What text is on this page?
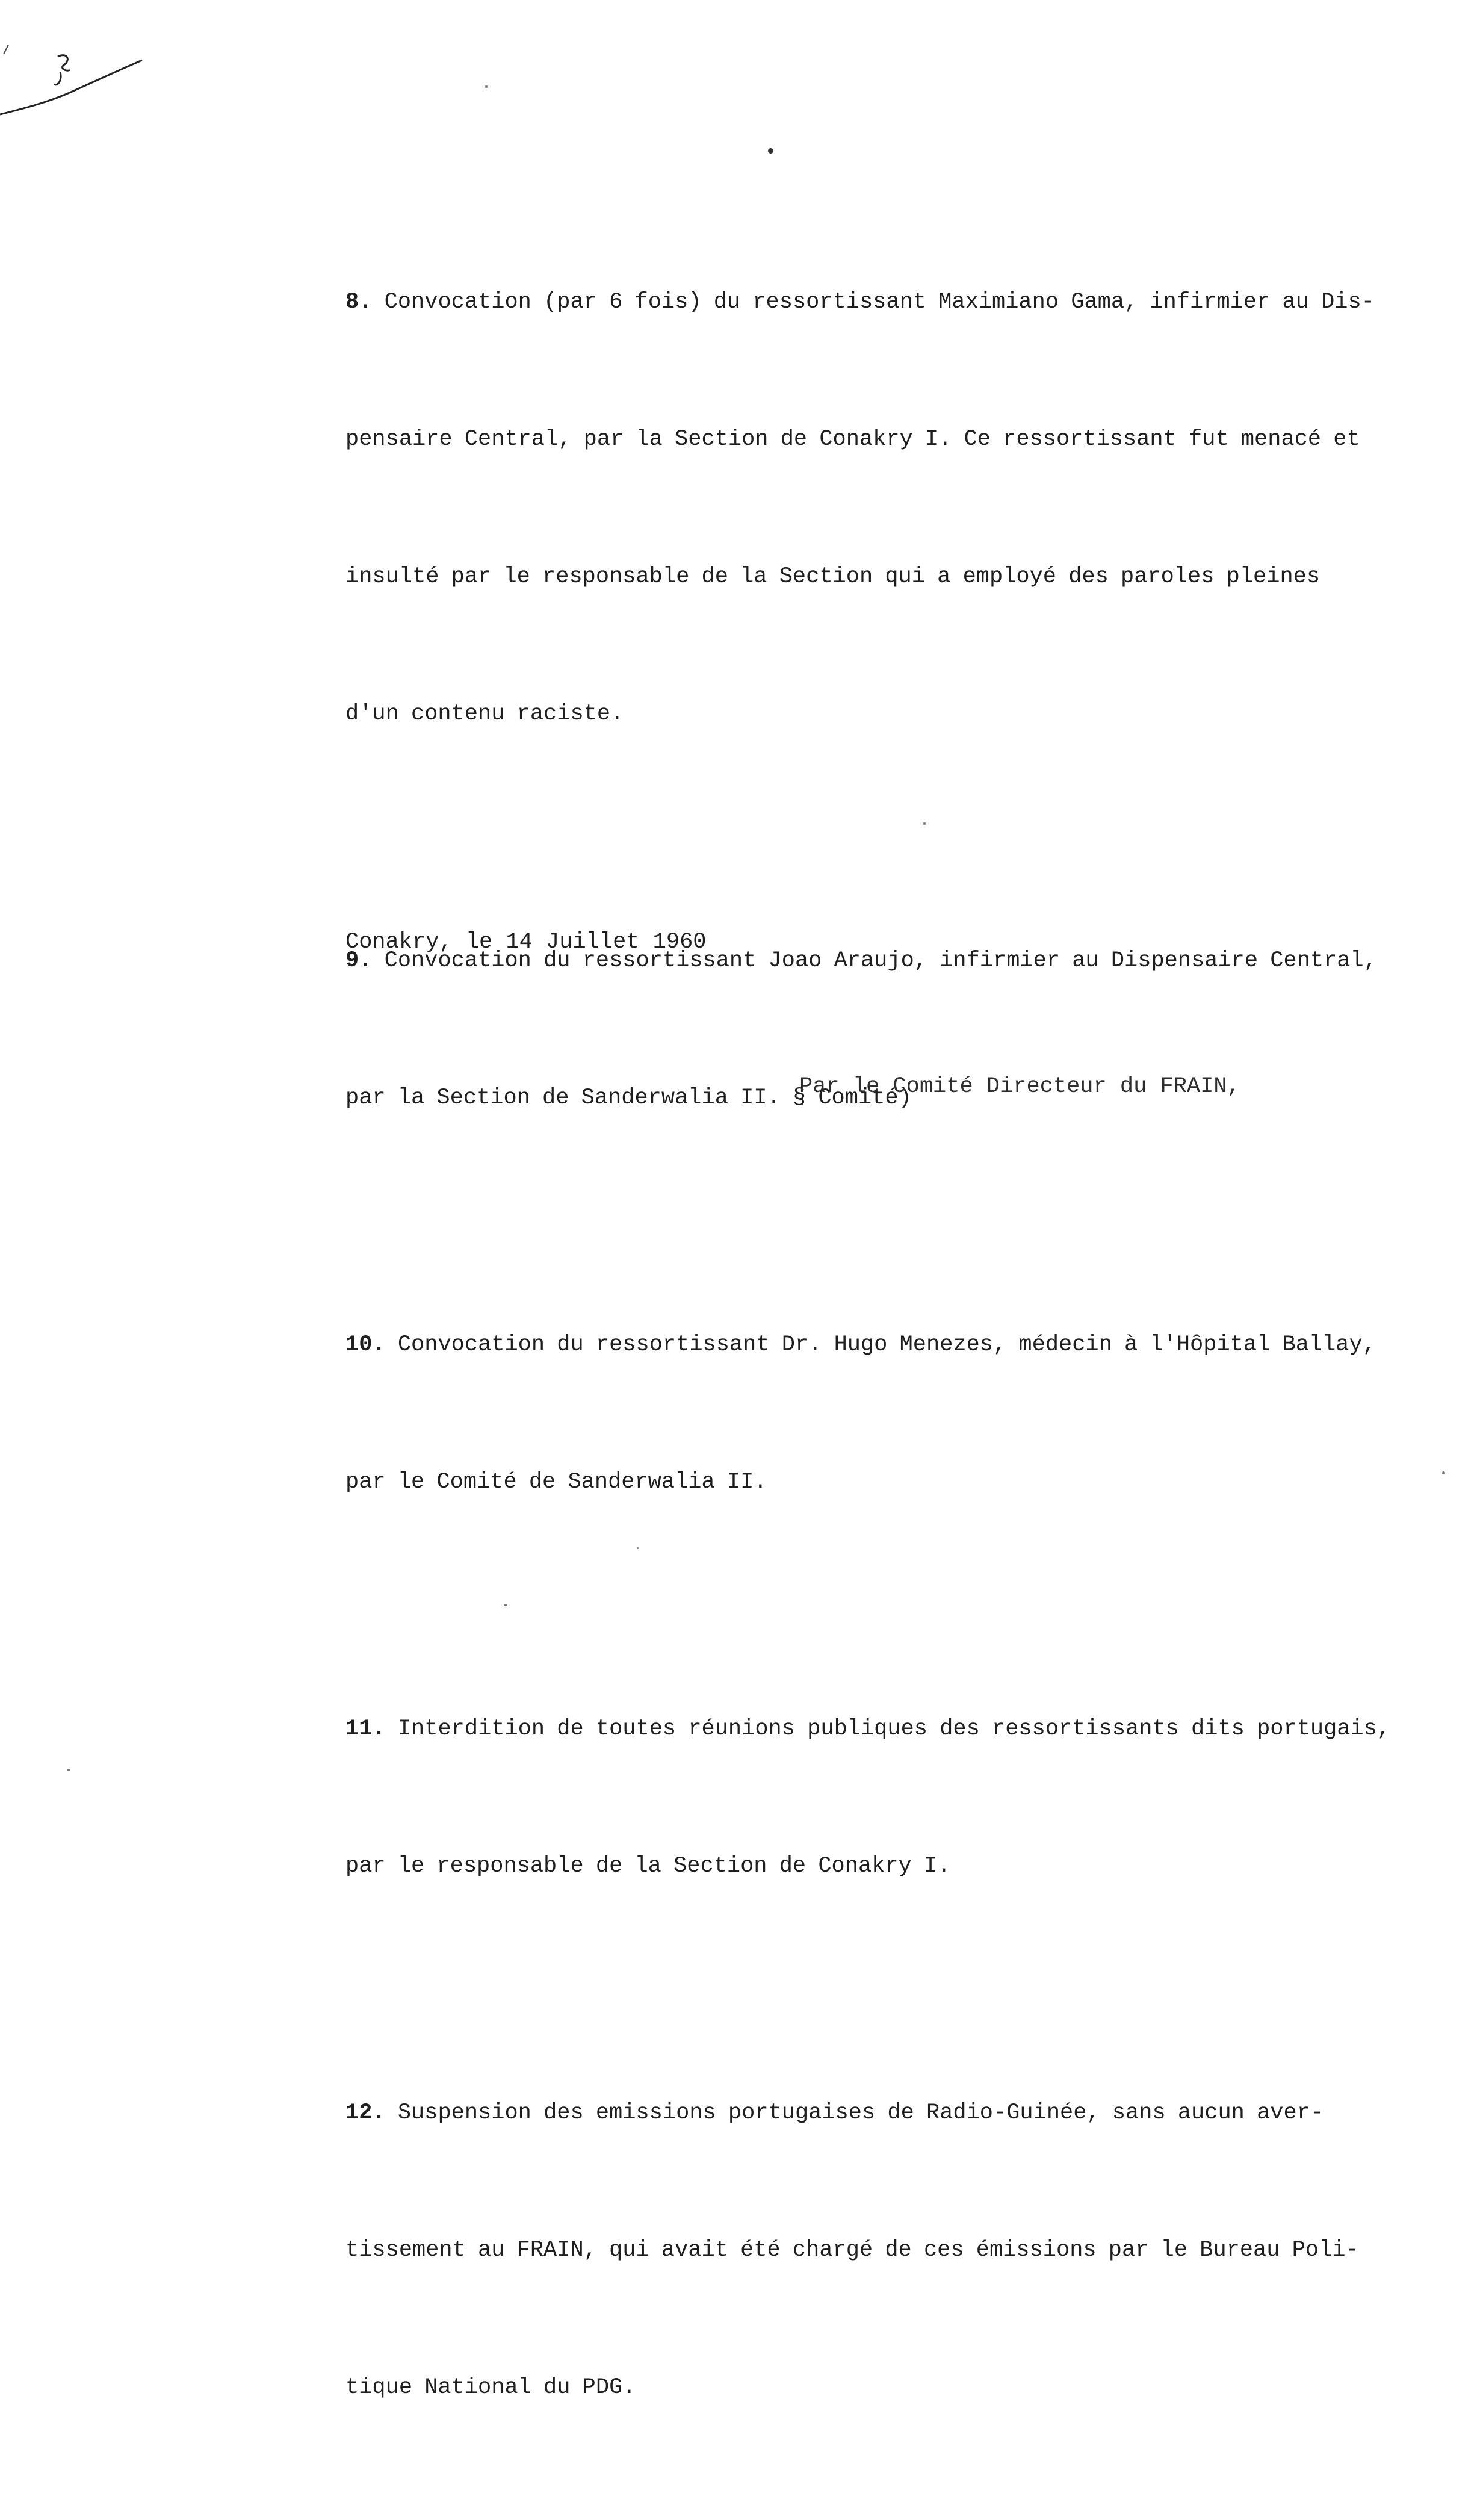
8. Convocation (par 6 fois) du ressortissant Maximiano Gama, infirmier au Dis-

pensaire Central, par la Section de Conakry I. Ce ressortissant fut menacé et

insulté par le responsable de la Section qui a employé des paroles pleines

d'un contenu raciste.

9. Convocation du ressortissant Joao Araujo, infirmier au Dispensaire Central,

par la Section de Sanderwalia II. § Comité)

10. Convocation du ressortissant Dr. Hugo Menezes, médecin à l'Hôpital Ballay,

par le Comité de Sanderwalia II.

11. Interdition de toutes réunions publiques des ressortissants dits portugais,

par le responsable de la Section de Conakry I.

12. Suspension des emissions portugaises de Radio-Guinée, sans aucun aver-

tissement au FRAIN, qui avait été chargé de ces émissions par le Bureau Poli-

tique National du PDG.

Conakry, le 14 Juillet 1960
Par le Comité Directeur du FRAIN,
